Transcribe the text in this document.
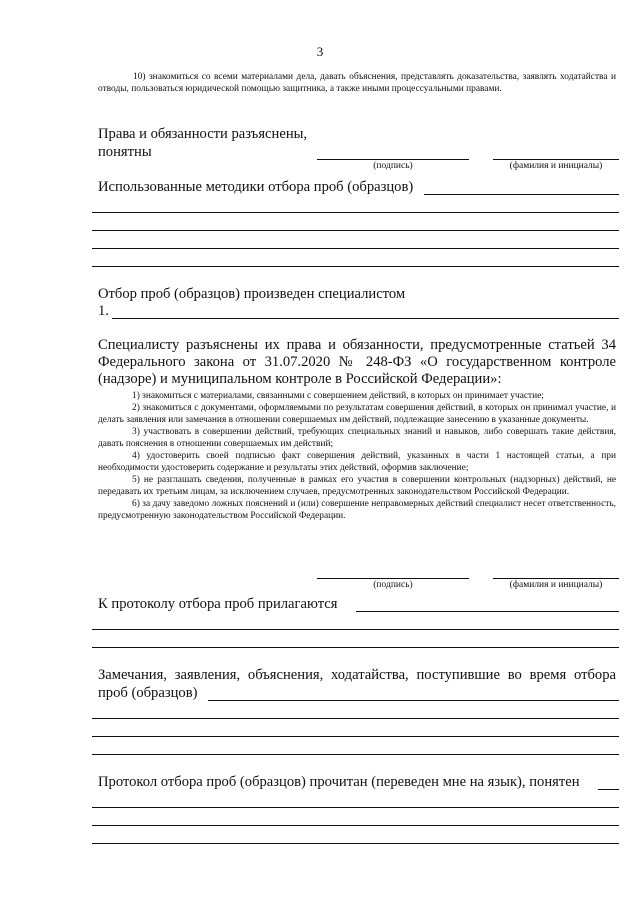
3
10) знакомиться со всеми материалами дела, давать объяснения, представлять доказательства, заявлять ходатайства и отводы, пользоваться юридической помощью защитника, а также иными процессуальными правами.
Права и обязанности разъяснены,
понятны
(подпись)	(фамилия и инициалы)
Использованные методики отбора проб (образцов)
Отбор проб (образцов) произведен специалистом
1.
Специалисту разъяснены их права и обязанности, предусмотренные статьей 34 Федерального закона от 31.07.2020 № 248-ФЗ «О государственном контроле (надзоре) и муниципальном контроле в Российской Федерации»:

1) знакомиться с материалами, связанными с совершением действий, в которых он принимает участие;

2) знакомиться с документами, оформляемыми по результатам совершения действий, в которых он принимал участие, и делать заявления или замечания в отношении совершаемых им действий, подлежащие занесению в указанные документы.

3) участвовать в совершении действий, требующих специальных знаний и навыков, либо совершать такие действия, давать пояснения в отношении совершаемых им действий;

4) удостоверить своей подписью факт совершения действий, указанных в части 1 настоящей статьи, а при необходимости удостоверить содержание и результаты этих действий, оформив заключение;

5) не разглашать сведения, полученные в рамках его участия в совершении контрольных (надзорных) действий, не передавать их третьим лицам, за исключением случаев, предусмотренных законодательством Российской Федерации.

6) за дачу заведомо ложных пояснений и (или) совершение неправомерных действий специалист несет ответственность, предусмотренную законодательством Российской Федерации.

(подпись)	(фамилия и инициалы)
К протоколу отбора проб прилагаются
Замечания, заявления, объяснения, ходатайства, поступившие во время отбора
проб (образцов)
Протокол отбора проб (образцов) прочитан (переведен мне на язык), понятен
